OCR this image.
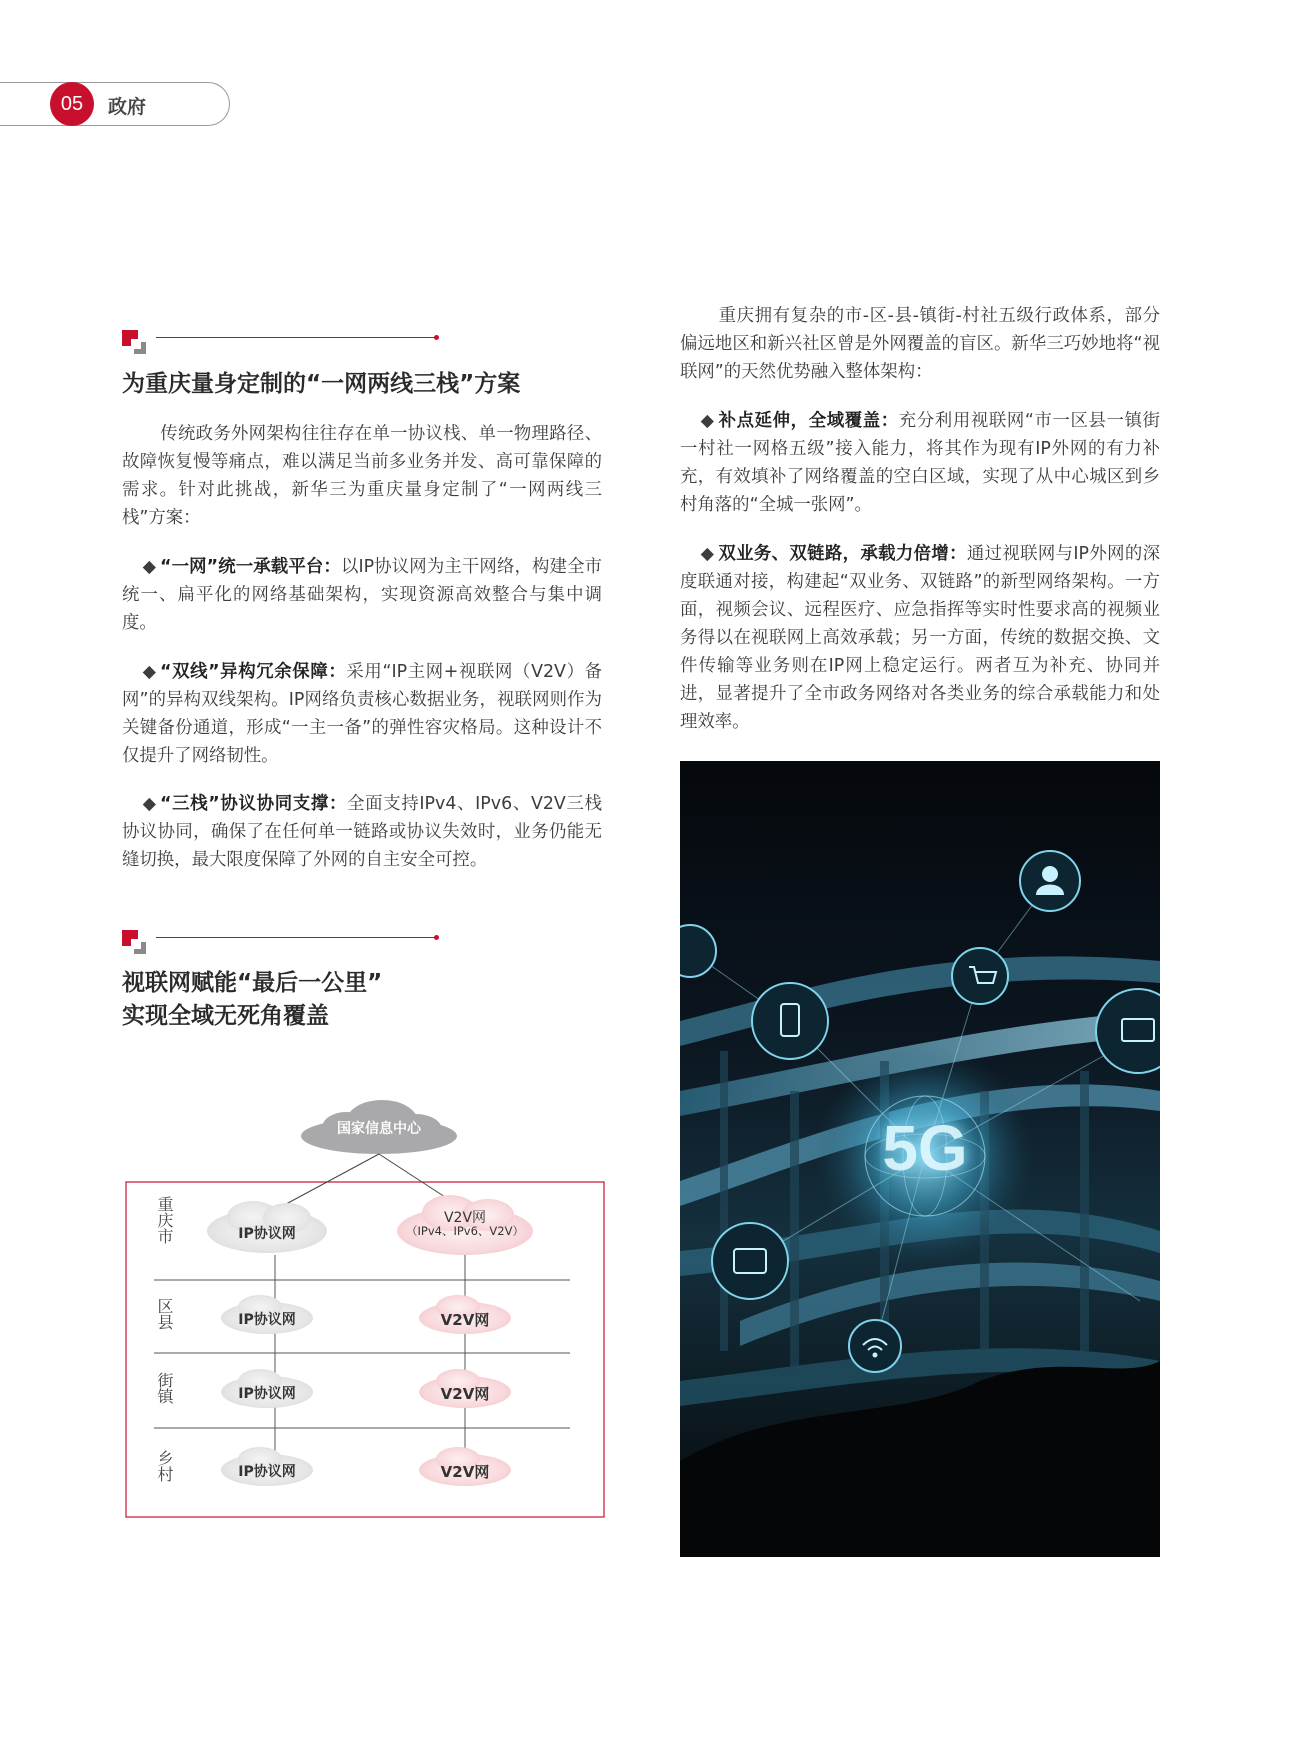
05	政府
为重庆量身定制的“一网两线三栈”方案

传统政务外网架构往往存在单一协议栈、单一物理路径、故障恢复慢等痛点，难以满足当前多业务并发、高可靠保障的需求。针对此挑战，新华三为重庆量身定制了“一网两线三栈”方案：

◆ “一网”统一承载平台：以IP协议网为主干网络，构建全市统一、扁平化的网络基础架构，实现资源高效整合与集中调度。

◆ “双线”异构冗余保障：采用“IP主网+视联网（V2V）备网”的异构双线架构。IP网络负责核心数据业务，视联网则作为关键备份通道，形成“一主一备”的弹性容灾格局。这种设计不仅提升了网络韧性。

◆ “三栈”协议协同支撑：全面支持IPv4、IPv6、V2V三栈协议协同，确保了在任何单一链路或协议失效时，业务仍能无缝切换，最大限度保障了外网的自主安全可控。

视联网赋能“最后一公里”
实现全域无死角覆盖

重庆拥有复杂的市-区-县-镇街-村社五级行政体系，部分偏远地区和新兴社区曾是外网覆盖的盲区。新华三巧妙地将“视联网”的天然优势融入整体架构：

◆ 补点延伸，全域覆盖：充分利用视联网“市一区县一镇街一村社一网格五级”接入能力，将其作为现有IP外网的有力补充，有效填补了网络覆盖的空白区域，实现了从中心城区到乡村角落的“全城一张网”。

◆ 双业务、双链路，承载力倍增：通过视联网与IP外网的深度联通对接，构建起“双业务、双链路”的新型网络架构。一方面，视频会议、远程医疗、应急指挥等实时性要求高的视频业务得以在视联网上高效承载；另一方面，传统的数据交换、文件传输等业务则在IP网上稳定运行。两者互为补充、协同并进，显著提升了全市政务网络对各类业务的综合承载能力和处理效率。

国家信息中心
重庆市
区县
街镇
乡村
IP协议网
IP协议网
IP协议网
IP协议网
V2V网
（IPv4、IPv6、V2V）
V2V网
V2V网
V2V网
5G
